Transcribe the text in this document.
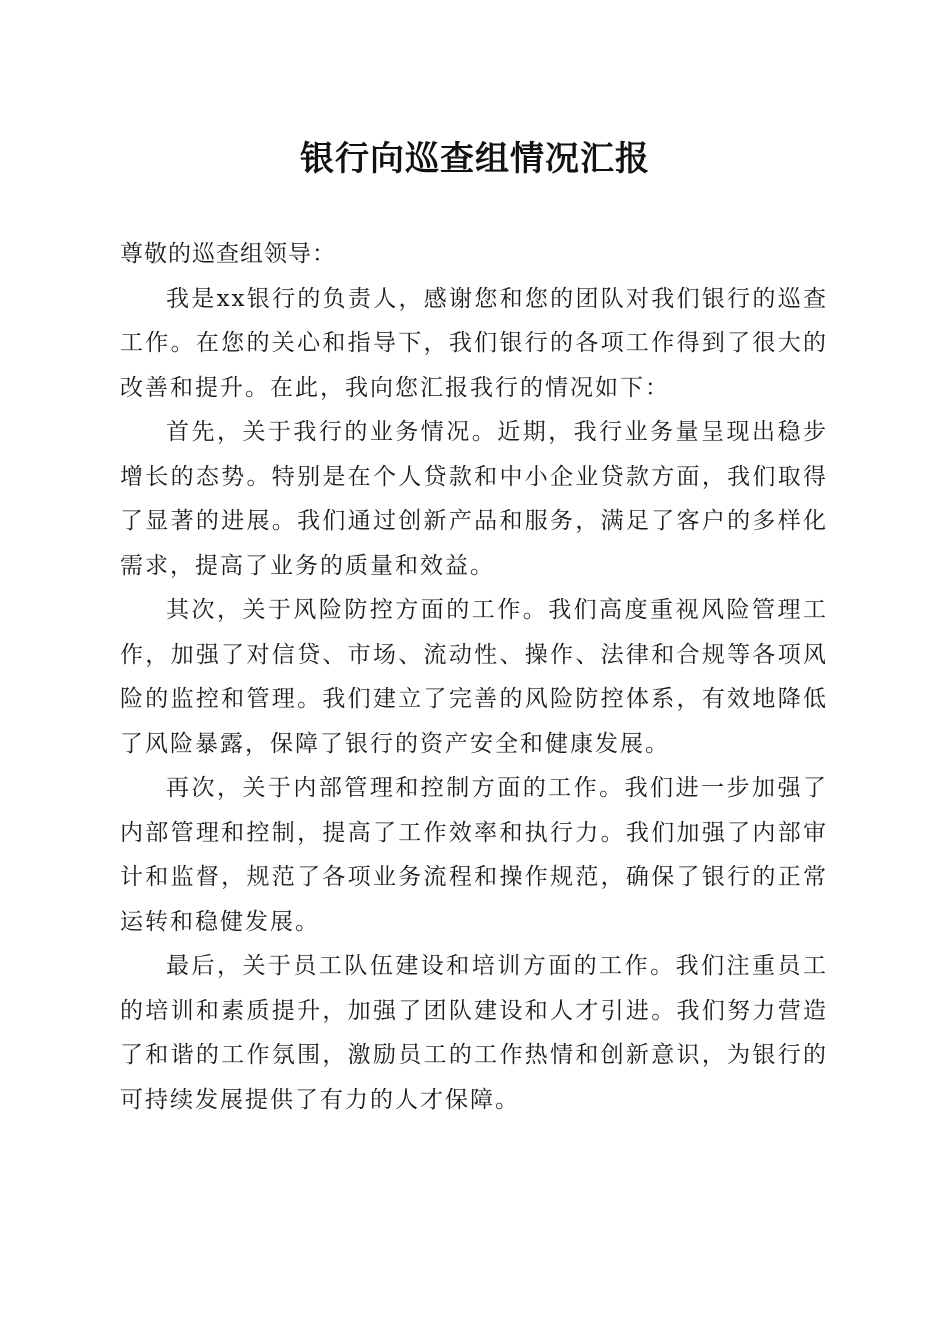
银行向巡查组情况汇报

尊敬的巡查组领导：

我是xx银行的负责人，感谢您和您的团队对我们银行的巡查工作。在您的关心和指导下，我们银行的各项工作得到了很大的改善和提升。在此，我向您汇报我行的情况如下：

首先，关于我行的业务情况。近期，我行业务量呈现出稳步增长的态势。特别是在个人贷款和中小企业贷款方面，我们取得了显著的进展。我们通过创新产品和服务，满足了客户的多样化需求，提高了业务的质量和效益。

其次，关于风险防控方面的工作。我们高度重视风险管理工作，加强了对信贷、市场、流动性、操作、法律和合规等各项风险的监控和管理。我们建立了完善的风险防控体系，有效地降低了风险暴露，保障了银行的资产安全和健康发展。

再次，关于内部管理和控制方面的工作。我们进一步加强了内部管理和控制，提高了工作效率和执行力。我们加强了内部审计和监督，规范了各项业务流程和操作规范，确保了银行的正常运转和稳健发展。

最后，关于员工队伍建设和培训方面的工作。我们注重员工的培训和素质提升，加强了团队建设和人才引进。我们努力营造了和谐的工作氛围，激励员工的工作热情和创新意识，为银行的可持续发展提供了有力的人才保障。
